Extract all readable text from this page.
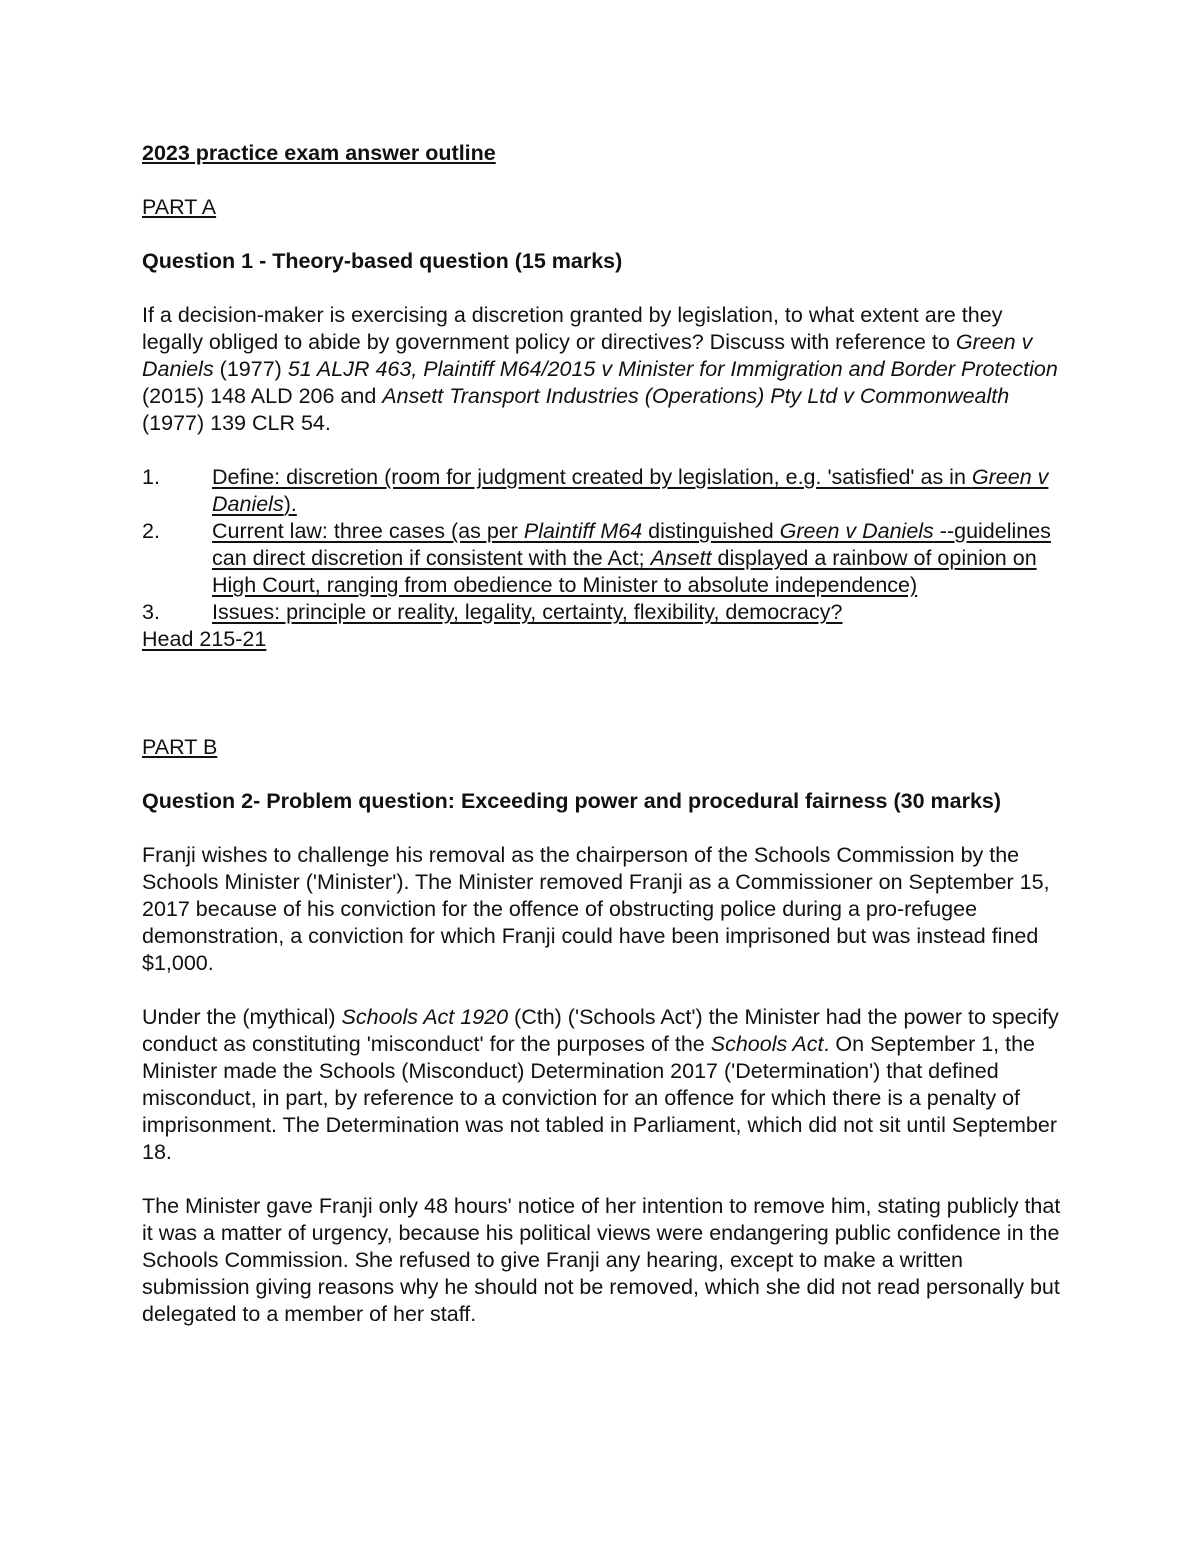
2023 practice exam answer outline

PART A

Question 1 - Theory-based question (15 marks)

If a decision-maker is exercising a discretion granted by legislation, to what extent are they legally obliged to abide by government policy or directives? Discuss with reference to Green v Daniels (1977) 51 ALJR 463, Plaintiff M64/2015 v Minister for Immigration and Border Protection (2015) 148 ALD 206 and Ansett Transport Industries (Operations) Pty Ltd v Commonwealth (1977) 139 CLR 54.

1. Define: discretion (room for judgment created by legislation, e.g. 'satisfied' as in Green v Daniels).
2. Current law: three cases (as per Plaintiff M64 distinguished Green v Daniels --guidelines can direct discretion if consistent with the Act; Ansett displayed a rainbow of opinion on High Court, ranging from obedience to Minister to absolute independence)
3. Issues: principle or reality, legality, certainty, flexibility, democracy?

Head 215-21

PART B

Question 2- Problem question: Exceeding power and procedural fairness (30 marks)

Franji wishes to challenge his removal as the chairperson of the Schools Commission by the Schools Minister ('Minister'). The Minister removed Franji as a Commissioner on September 15, 2017 because of his conviction for the offence of obstructing police during a pro-refugee demonstration, a conviction for which Franji could have been imprisoned but was instead fined $1,000.

Under the (mythical) Schools Act 1920 (Cth) ('Schools Act') the Minister had the power to specify conduct as constituting 'misconduct' for the purposes of the Schools Act. On September 1, the Minister made the Schools (Misconduct) Determination 2017 ('Determination') that defined misconduct, in part, by reference to a conviction for an offence for which there is a penalty of imprisonment. The Determination was not tabled in Parliament, which did not sit until September 18.

The Minister gave Franji only 48 hours' notice of her intention to remove him, stating publicly that it was a matter of urgency, because his political views were endangering public confidence in the Schools Commission. She refused to give Franji any hearing, except to make a written submission giving reasons why he should not be removed, which she did not read personally but delegated to a member of her staff.
